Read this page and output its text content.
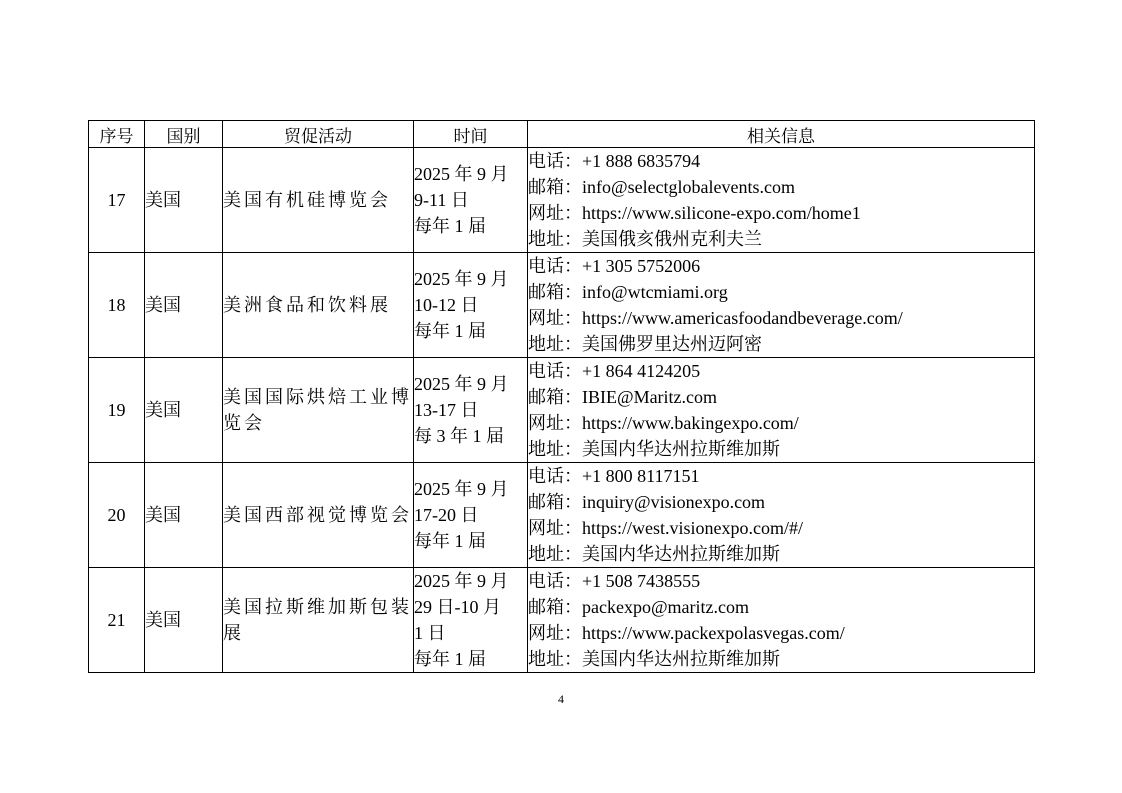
序号	国别	贸促活动	时间	相关信息
17	美国	美国有机硅博览会	2025 年 9 月
9-11 日
每年 1 届	电话：+1 888 6835794
邮箱：info@selectglobalevents.com
网址：https://www.silicone-expo.com/home1
地址：美国俄亥俄州克利夫兰

18	美国	美洲食品和饮料展	2025 年 9 月
10-12 日
每年 1 届	电话：+1 305 5752006
邮箱：info@wtcmiami.org
网址：https://www.americasfoodandbeverage.com/
地址：美国佛罗里达州迈阿密

19	美国	美国国际烘焙工业博览会	2025 年 9 月
13-17 日
每 3 年 1 届	电话：+1 864 4124205
邮箱：IBIE@Maritz.com
网址：https://www.bakingexpo.com/
地址：美国内华达州拉斯维加斯

20	美国	美国西部视觉博览会	2025 年 9 月
17-20 日
每年 1 届	电话：+1 800 8117151
邮箱：inquiry@visionexpo.com
网址：https://west.visionexpo.com/#/
地址：美国内华达州拉斯维加斯

21	美国	美国拉斯维加斯包装展	2025 年 9 月
29 日-10 月
1 日
每年 1 届	电话：+1 508 7438555
邮箱：packexpo@maritz.com
网址：https://www.packexpolasvegas.com/
地址：美国内华达州拉斯维加斯
4
